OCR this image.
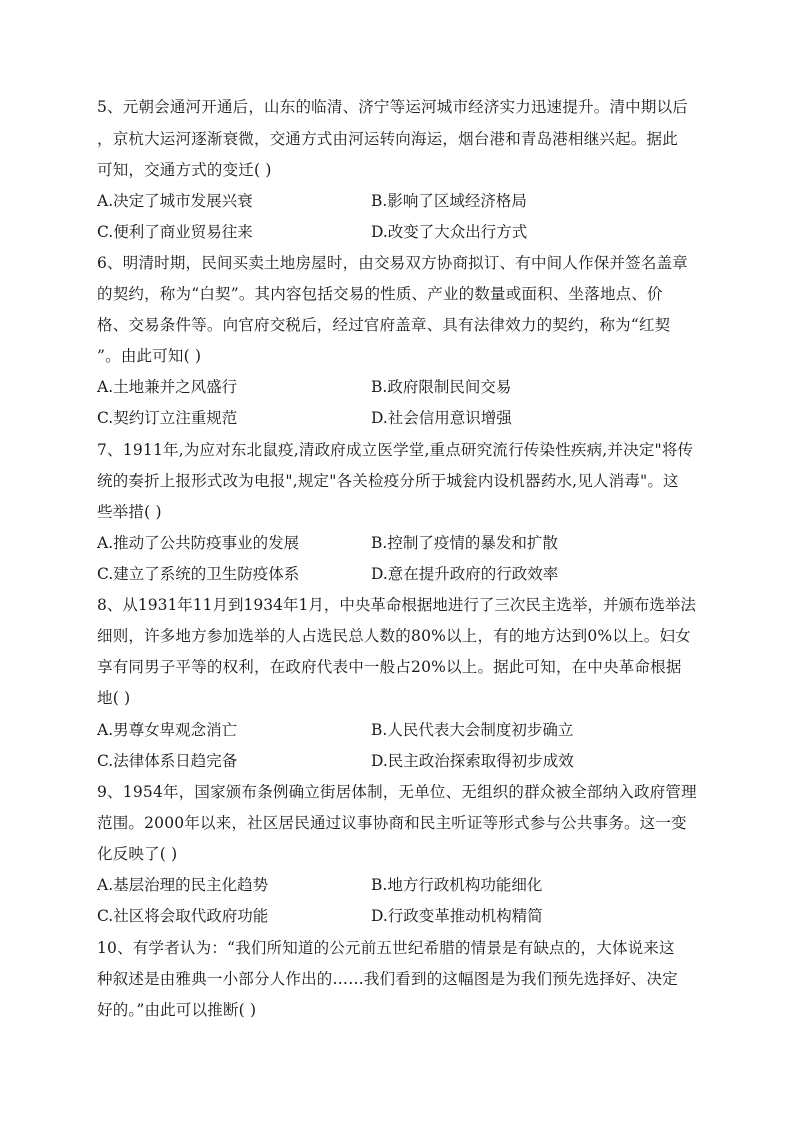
5、元朝会通河开通后，山东的临清、济宁等运河城市经济实力迅速提升。清中期以后
，京杭大运河逐渐衰微，交通方式由河运转向海运，烟台港和青岛港相继兴起。据此
可知，交通方式的变迁( )
A.决定了城市发展兴衰	B.影响了区域经济格局
C.便利了商业贸易往来	D.改变了大众出行方式
6、明清时期，民间买卖土地房屋时，由交易双方协商拟订、有中间人作保并签名盖章
的契约，称为“白契”。其内容包括交易的性质、产业的数量或面积、坐落地点、价
格、交易条件等。向官府交税后，经过官府盖章、具有法律效力的契约，称为“红契
”。由此可知( )
A.土地兼并之风盛行	B.政府限制民间交易
C.契约订立注重规范	D.社会信用意识增强
7、1911年,为应对东北鼠疫,清政府成立医学堂,重点研究流行传染性疾病,并决定"将传
统的奏折上报形式改为电报",规定"各关检疫分所于城瓮内设机器药水,见人消毒"。这
些举措( )
A.推动了公共防疫事业的发展	B.控制了疫情的暴发和扩散
C.建立了系统的卫生防疫体系	D.意在提升政府的行政效率
8、从1931年11月到1934年1月，中央革命根据地进行了三次民主选举，并颁布选举法
细则，许多地方参加选举的人占选民总人数的80%以上，有的地方达到0%以上。妇女
享有同男子平等的权利，在政府代表中一般占20%以上。据此可知，在中央革命根据
地( )
A.男尊女卑观念消亡	B.人民代表大会制度初步确立
C.法律体系日趋完备	D.民主政治探索取得初步成效
9、1954年，国家颁布条例确立街居体制，无单位、无组织的群众被全部纳入政府管理
范围。2000年以来，社区居民通过议事协商和民主听证等形式参与公共事务。这一变
化反映了( )
A.基层治理的民主化趋势	B.地方行政机构功能细化
C.社区将会取代政府功能	D.行政变革推动机构精简
10、有学者认为：“我们所知道的公元前五世纪希腊的情景是有缺点的，大体说来这
种叙述是由雅典一小部分人作出的……我们看到的这幅图是为我们预先选择好、决定
好的。”由此可以推断( )
